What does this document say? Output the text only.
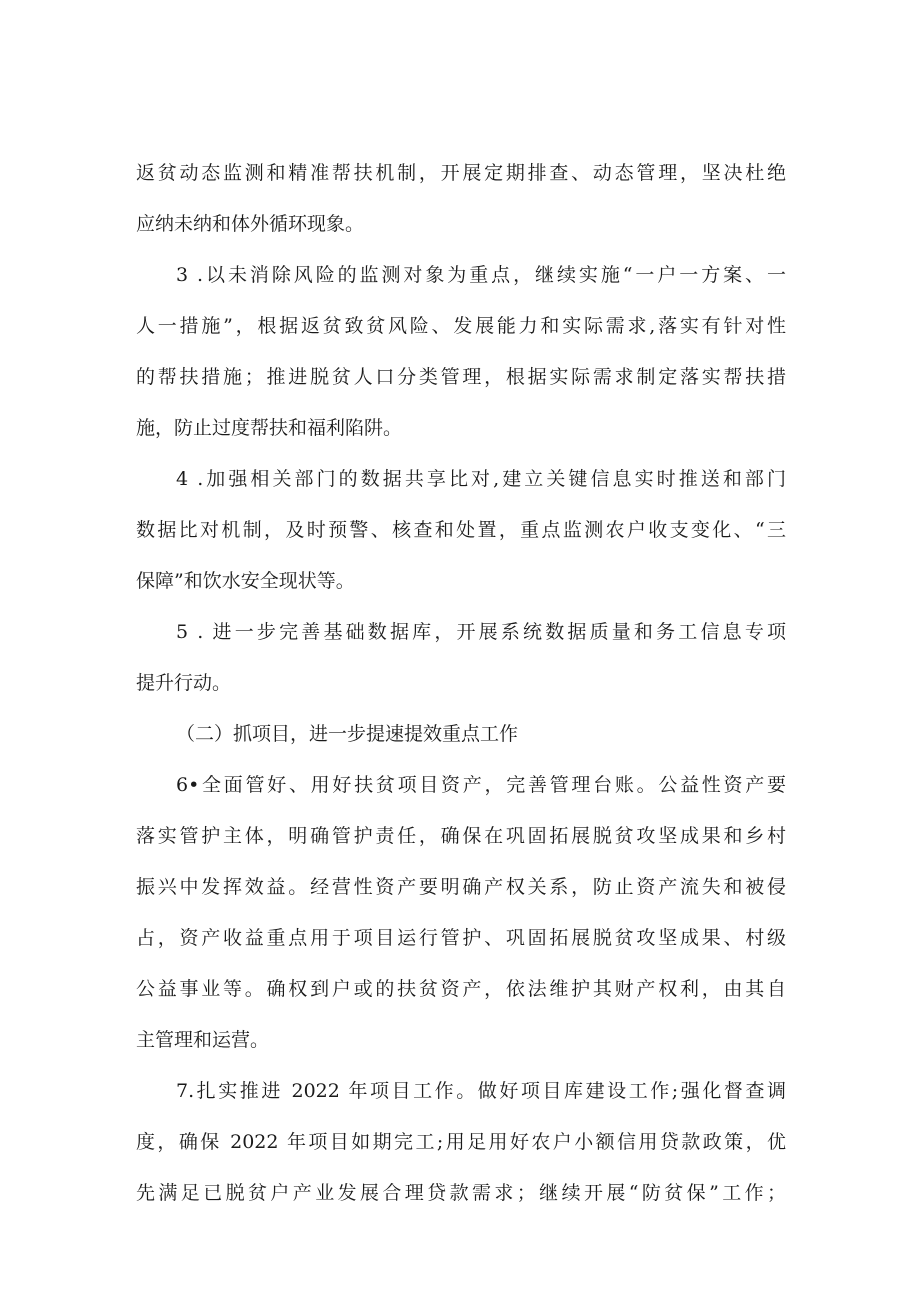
返贫动态监测和精准帮扶机制，开展定期排查、动态管理，坚决杜绝
应纳未纳和体外循环现象。
3 .以未消除风险的监测对象为重点，继续实施“一户一方案、一
人一措施”，根据返贫致贫风险、发展能力和实际需求,落实有针对性
的帮扶措施；推进脱贫人口分类管理，根据实际需求制定落实帮扶措
施，防止过度帮扶和福利陷阱。
4 .加强相关部门的数据共享比对,建立关键信息实时推送和部门
数据比对机制，及时预警、核查和处置，重点监测农户收支变化、“三
保障”和饮水安全现状等。
5 . 进一步完善基础数据库，开展系统数据质量和务工信息专项
提升行动。
（二）抓项目，进一步提速提效重点工作
6•全面管好、用好扶贫项目资产，完善管理台账。公益性资产要
落实管护主体，明确管护责任，确保在巩固拓展脱贫攻坚成果和乡村
振兴中发挥效益。经营性资产要明确产权关系，防止资产流失和被侵
占，资产收益重点用于项目运行管护、巩固拓展脱贫攻坚成果、村级
公益事业等。确权到户或的扶贫资产，依法维护其财产权利，由其自
主管理和运营。
7.扎实推进 2022 年项目工作。做好项目库建设工作;强化督查调
度，确保 2022 年项目如期完工;用足用好农户小额信用贷款政策，优
先满足已脱贫户产业发展合理贷款需求；继续开展“防贫保”工作；
